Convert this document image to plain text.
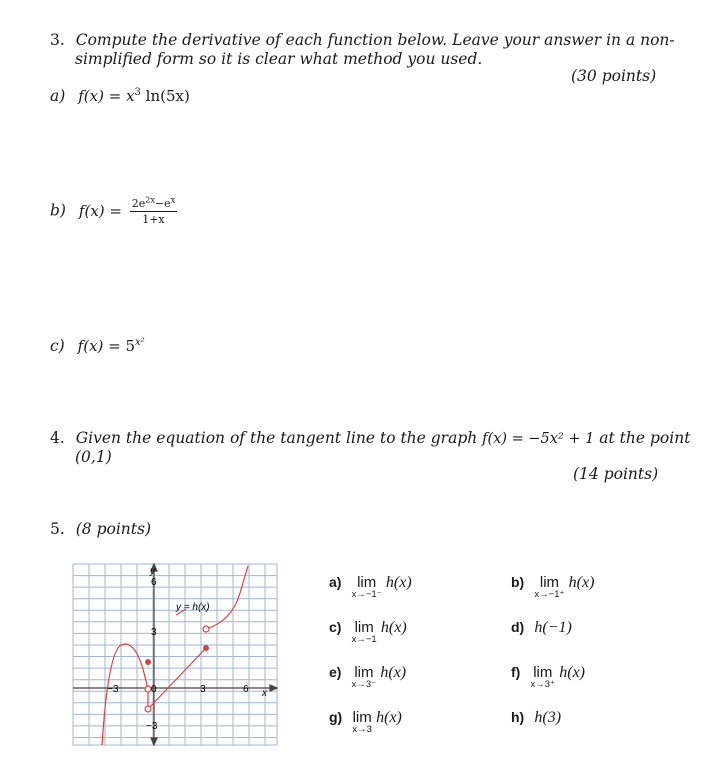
3. Compute the derivative of each function below. Leave your answer in a non-
simplified form so it is clear what method you used.
(30 points)
a) $f(x) = x^3$ ln(5x)
b) $f(x) = \frac{2e^{2x}-e^x}{1+x}$
c) $f(x) = 5^{x^2}$
4. Given the equation of the tangent line to the graph f(x) = −5x² + 1 at the point
(0,1)
(14 points)
5. (8 points)
y
x
−3	0	3	6
6
3
−3
y = h(x)
a) lim
x→−1⁻
h(x)	b) lim
x→−1⁺
h(x)
c) lim
x→−1
h(x)	d) h(−1)
e) lim
x→3⁻
h(x)	f) lim
x→3⁺
h(x)
g) lim
x→3
h(x)	h) h(3)
